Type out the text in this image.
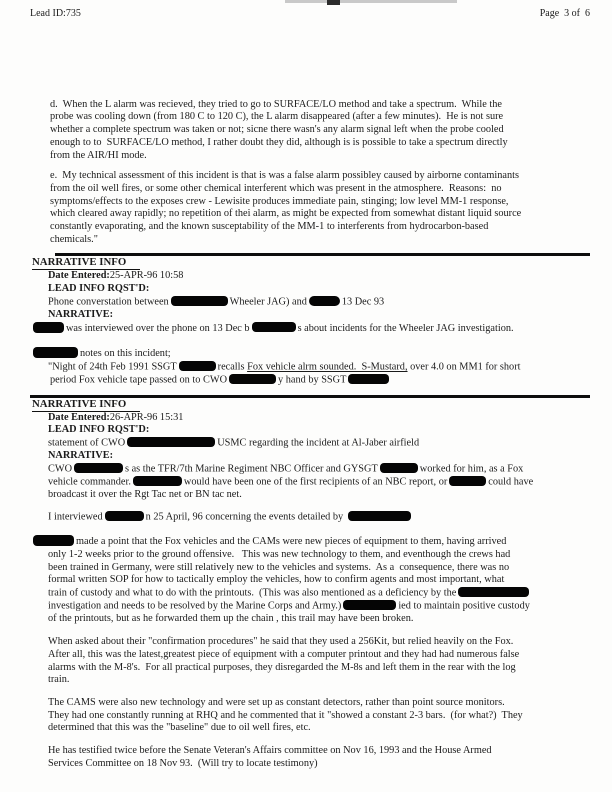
Lead ID:735	Page  3 of  6
d.  When the L alarm was recieved, they tried to go to SURFACE/LO method and take a spectrum.  While the
probe was cooling down (from 180 C to 120 C), the L alarm disappeared (after a few minutes).  He is not sure
whether a complete spectrum was taken or not; sicne there wasn's any alarm signal left when the probe cooled
enough to to  SURFACE/LO method, I rather doubt they did, although is is possible to take a spectrum directly
from the AIR/HI mode.
e.  My technical assessment of this incident is that is was a false alarm possibley caused by airborne contaminants
from the oil well fires, or some other chemical interferent which was present in the atmosphere.  Reasons:  no
symptoms/effects to the exposes crew - Lewisite produces immediate pain, stinging; low level MM-1 response,
which cleared away rapidly; no repetition of thei alarm, as might be expected from somewhat distant liquid source
constantly evaporating, and the known susceptability of the MM-1 to interferents from hydrocarbon-based
chemicals."
NARRATIVE INFO
Date Entered:25-APR-96 10:58
LEAD INFO RQST'D:
Phone converstation between	Wheeler JAG) and	13 Dec 93
NARRATIVE:
was interviewed over the phone on 13 Dec b	s about incidents for the Wheeler JAG investigation.
notes on this incident;
"Night of 24th Feb 1991 SSGT	recalls Fox vehicle alrm sounded.  S-Mustard, over 4.0 on MM1 for short
period Fox vehicle tape passed on to CWO	y hand by SSGT
NARRATIVE INFO
Date Entered:26-APR-96 15:31
LEAD INFO RQST'D:
statement of CWO	USMC regarding the incident at Al-Jaber airfield
NARRATIVE:
CWO	s as the TFR/7th Marine Regiment NBC Officer and GYSGT	worked for him, as a Fox
vehicle commander.	would have been one of the first recipients of an NBC report, or	could have
broadcast it over the Rgt Tac net or BN tac net.
I interviewed	n 25 April, 96 concerning the events detailed by
made a point that the Fox vehicles and the CAMs were new pieces of equipment to them, having arrived
only 1-2 weeks prior to the ground offensive.   This was new technology to them, and eventhough the crews had
been trained in Germany, were still relatively new to the vehicles and systems.  As a  consequence, there was no
formal written SOP for how to tactically employ the vehicles, how to confirm agents and most important, what
train of custody and what to do with the printouts.  (This was also mentioned as a deficiency by the
investigation and needs to be resolved by the Marine Corps and Army.)	ied to maintain positive custody
of the printouts, but as he forwarded them up the chain , this trail may have been broken.
When asked about their "confirmation procedures" he said that they used a 256Kit, but relied heavily on the Fox.
After all, this was the latest,greatest piece of equipment with a computer printout and they had had numerous false
alarms with the M-8's.  For all practical purposes, they disregarded the M-8s and left them in the rear with the log
train.
The CAMS were also new technology and were set up as constant detectors, rather than point source monitors.
They had one constantly running at RHQ and he commented that it "showed a constant 2-3 bars.  (for what?)  They
determined that this was the "baseline" due to oil well fires, etc.
He has testified twice before the Senate Veteran's Affairs committee on Nov 16, 1993 and the House Armed
Services Committee on 18 Nov 93.  (Will try to locate testimony)
